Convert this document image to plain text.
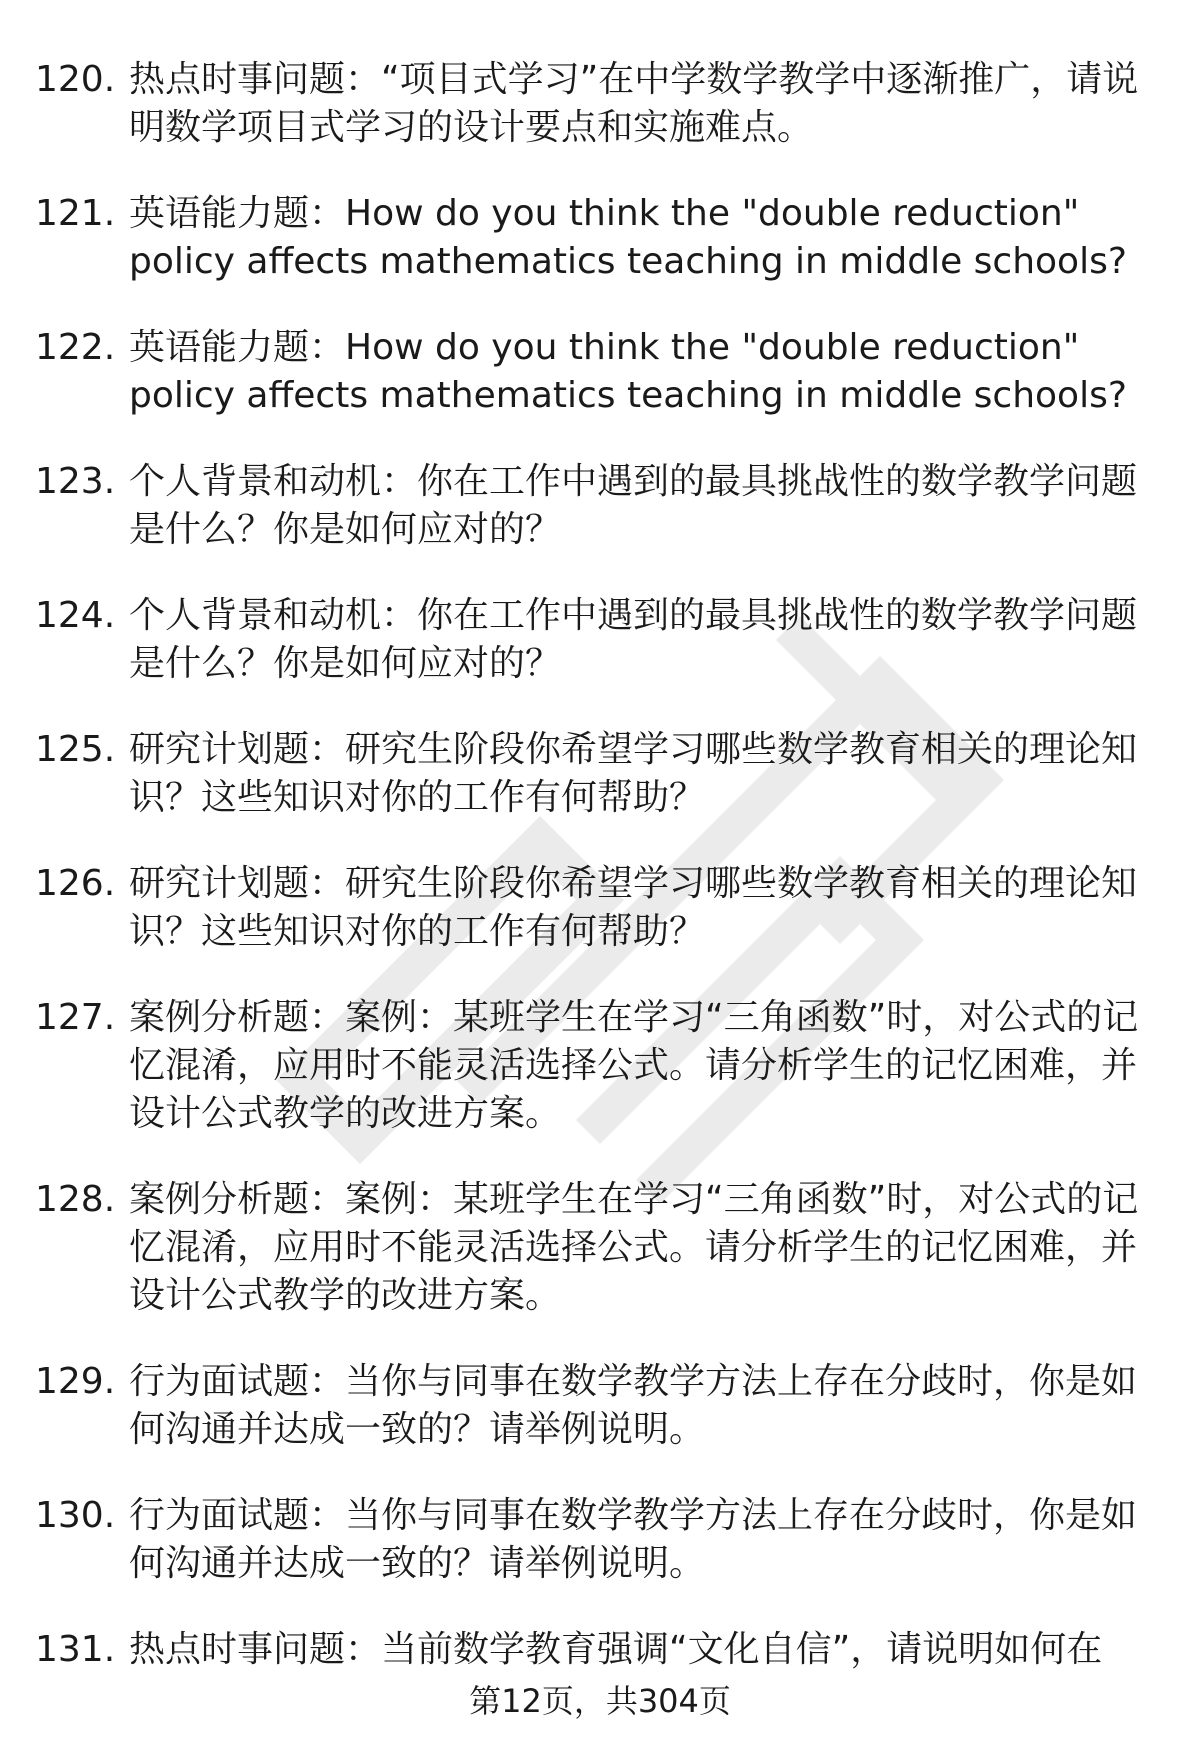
120. 热点时事问题：“项目式学习”在中学数学教学中逐渐推广，请说明数学项目式学习的设计要点和实施难点。
121. 英语能力题：How do you think the "double reduction" policy affects mathematics teaching in middle schools?
122. 英语能力题：How do you think the "double reduction" policy affects mathematics teaching in middle schools?
123. 个人背景和动机：你在工作中遇到的最具挑战性的数学教学问题是什么？你是如何应对的？
124. 个人背景和动机：你在工作中遇到的最具挑战性的数学教学问题是什么？你是如何应对的？
125. 研究计划题：研究生阶段你希望学习哪些数学教育相关的理论知识？这些知识对你的工作有何帮助？
126. 研究计划题：研究生阶段你希望学习哪些数学教育相关的理论知识？这些知识对你的工作有何帮助？
127. 案例分析题：案例：某班学生在学习“三角函数”时，对公式的记忆混淆，应用时不能灵活选择公式。请分析学生的记忆困难，并设计公式教学的改进方案。
128. 案例分析题：案例：某班学生在学习“三角函数”时，对公式的记忆混淆，应用时不能灵活选择公式。请分析学生的记忆困难，并设计公式教学的改进方案。
129. 行为面试题：当你与同事在数学教学方法上存在分歧时，你是如何沟通并达成一致的？请举例说明。
130. 行为面试题：当你与同事在数学教学方法上存在分歧时，你是如何沟通并达成一致的？请举例说明。
131. 热点时事问题：当前数学教育强调“文化自信”，请说明如何在
第12页，共304页
